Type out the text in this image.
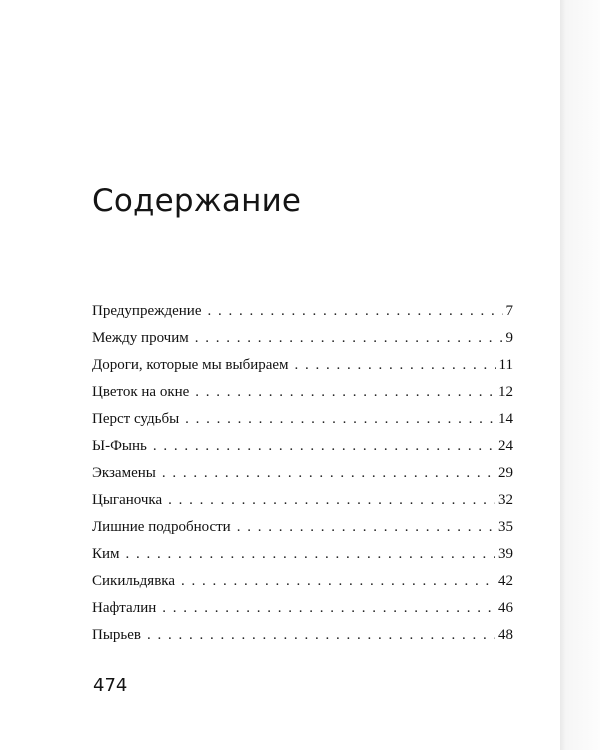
Содержание
Предупреждение . . .	7
Между прочим . . .	9
Дороги, которые мы выбираем . . .	11
Цветок на окне . . .	12
Перст судьбы . . .	14
Ы-Фынь . . .	24
Экзамены . . .	29
Цыганочка . . .	32
Лишние подробности . . .	35
Ким . . .	39
Сикильдявка . . .	42
Нафталин . . .	46
Пырьев . . .	48
474
